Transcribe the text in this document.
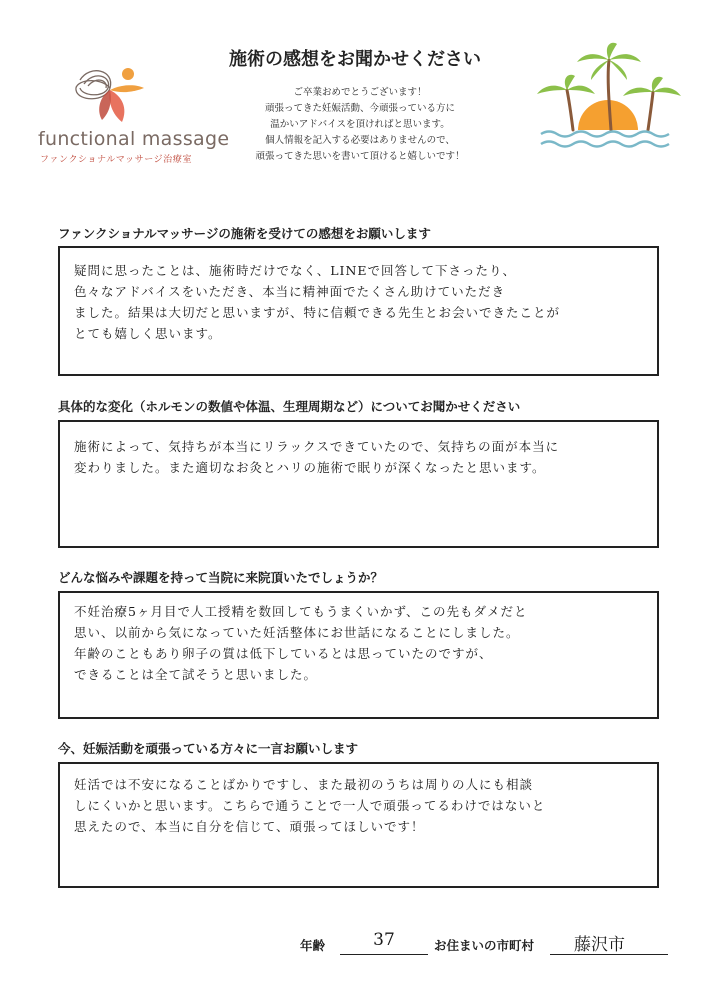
functional massage
ファンクショナルマッサージ治療室
施術の感想をお聞かせください
ご卒業おめでとうございます！
頑張ってきた妊娠活動、今頑張っている方に
温かいアドバイスを頂ければと思います。
個人情報を記入する必要はありませんので、
頑張ってきた思いを書いて頂けると嬉しいです！
ファンクショナルマッサージの施術を受けての感想をお願いします
疑問に思ったことは、施術時だけでなく、LINEで回答して下さったり、
色々なアドバイスをいただき、本当に精神面でたくさん助けていただき
ました。結果は大切だと思いますが、特に信頼できる先生とお会いできたことが
とても嬉しく思います。
具体的な変化（ホルモンの数値や体温、生理周期など）についてお聞かせください
施術によって、気持ちが本当にリラックスできていたので、気持ちの面が本当に
変わりました。また適切なお灸とハリの施術で眠りが深くなったと思います。
どんな悩みや課題を持って当院に来院頂いたでしょうか？
不妊治療5ヶ月目で人工授精を数回してもうまくいかず、この先もダメだと
思い、以前から気になっていた妊活整体にお世話になることにしました。
年齢のこともあり卵子の質は低下しているとは思っていたのですが、
できることは全て試そうと思いました。
今、妊娠活動を頑張っている方々に一言お願いします
妊活では不安になることばかりですし、また最初のうちは周りの人にも相談
しにくいかと思います。こちらで通うことで一人で頑張ってるわけではないと
思えたので、本当に自分を信じて、頑張ってほしいです！
年齢	37	お住まいの市町村	藤沢市
